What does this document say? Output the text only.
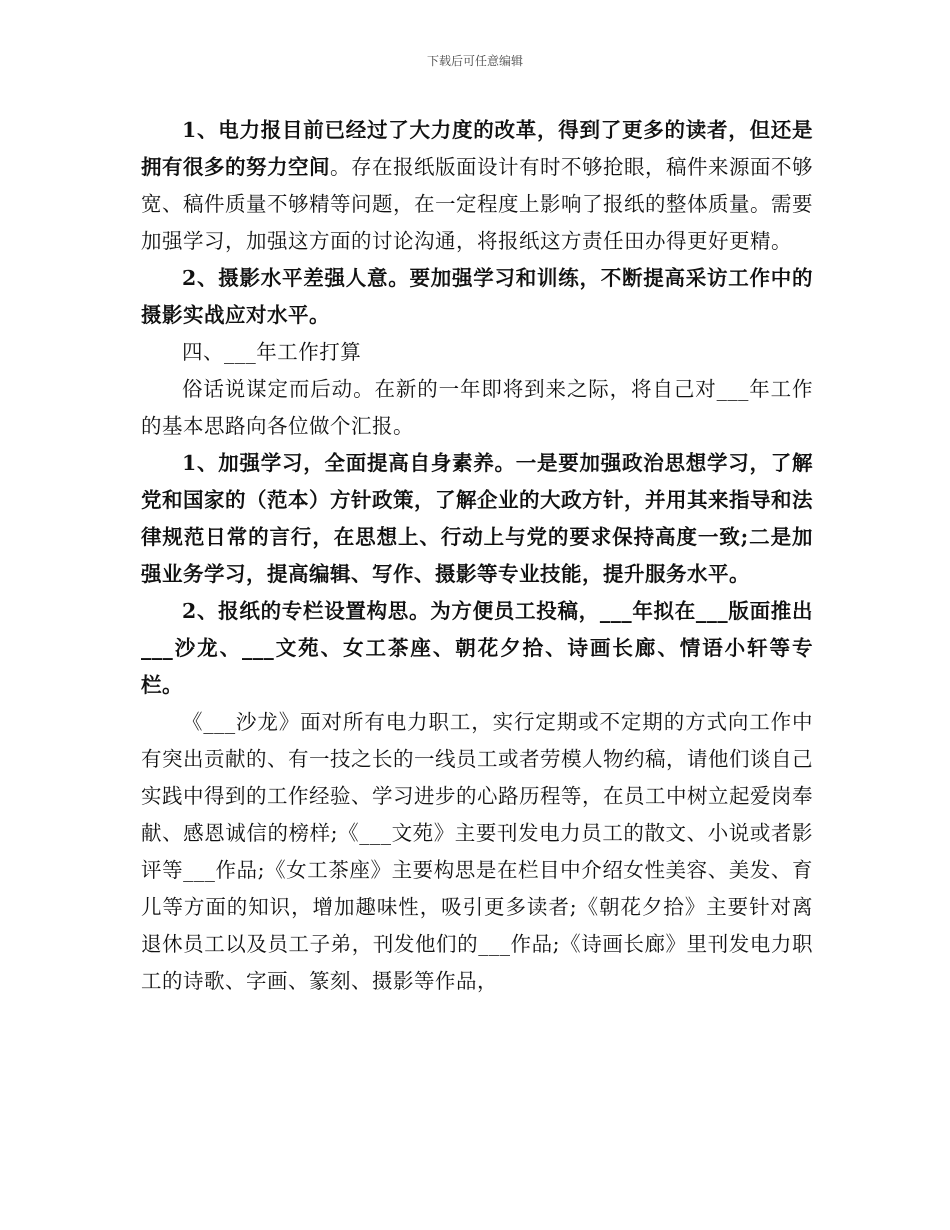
下载后可任意编辑

1、电力报目前已经过了大力度的改革，得到了更多的读者，但还是拥有很多的努力空间。存在报纸版面设计有时不够抢眼，稿件来源面不够宽、稿件质量不够精等问题，在一定程度上影响了报纸的整体质量。需要加强学习，加强这方面的讨论沟通，将报纸这方责任田办得更好更精。

2、摄影水平差强人意。要加强学习和训练，不断提高采访工作中的摄影实战应对水平。

四、___年工作打算

俗话说谋定而后动。在新的一年即将到来之际，将自己对___年工作的基本思路向各位做个汇报。

1、加强学习，全面提高自身素养。一是要加强政治思想学习，了解党和国家的（范本）方针政策，了解企业的大政方针，并用其来指导和法律规范日常的言行，在思想上、行动上与党的要求保持高度一致;二是加强业务学习，提高编辑、写作、摄影等专业技能，提升服务水平。

2、报纸的专栏设置构思。为方便员工投稿，___年拟在___版面推出___沙龙、___文苑、女工茶座、朝花夕拾、诗画长廊、情语小轩等专栏。

《___沙龙》面对所有电力职工，实行定期或不定期的方式向工作中有突出贡献的、有一技之长的一线员工或者劳模人物约稿，请他们谈自己实践中得到的工作经验、学习进步的心路历程等，在员工中树立起爱岗奉献、感恩诚信的榜样;《___文苑》主要刊发电力员工的散文、小说或者影评等___作品;《女工茶座》主要构思是在栏目中介绍女性美容、美发、育儿等方面的知识，增加趣味性，吸引更多读者;《朝花夕拾》主要针对离退休员工以及员工子弟，刊发他们的___作品;《诗画长廊》里刊发电力职工的诗歌、字画、篆刻、摄影等作品，
